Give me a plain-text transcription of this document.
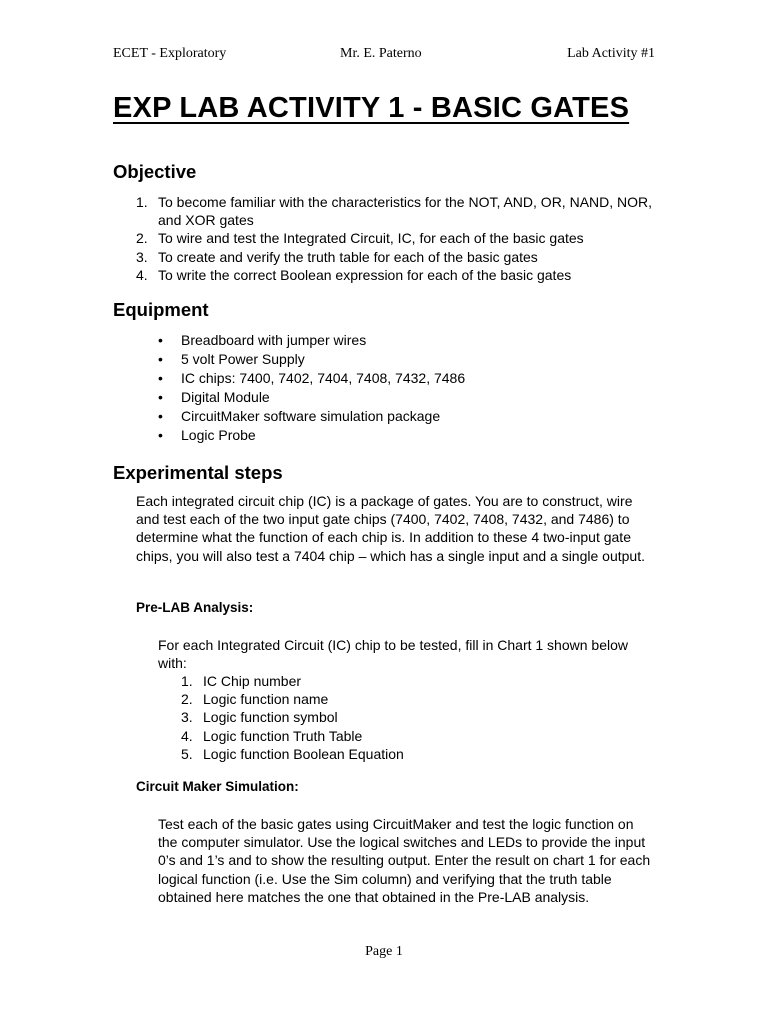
ECET - Exploratory	Mr. E. Paterno	Lab Activity #1
EXP LAB ACTIVITY 1 - BASIC GATES
Objective
1. To become familiar with the characteristics for the NOT, AND, OR, NAND, NOR, and XOR gates
2. To wire and test the Integrated Circuit, IC, for each of the basic gates
3. To create and verify the truth table for each of the basic gates
4. To write the correct Boolean expression for each of the basic gates
Equipment
• Breadboard with jumper wires
• 5 volt Power Supply
• IC chips: 7400, 7402, 7404, 7408, 7432, 7486
• Digital Module
• CircuitMaker software simulation package
• Logic Probe
Experimental steps

Each integrated circuit chip (IC) is a package of gates. You are to construct, wire and test each of the two input gate chips (7400, 7402, 7408, 7432, and 7486) to determine what the function of each chip is. In addition to these 4 two-input gate chips, you will also test a 7404 chip – which has a single input and a single output.

Pre-LAB Analysis:

For each Integrated Circuit (IC) chip to be tested, fill in Chart 1 shown below with:

1. IC Chip number
2. Logic function name
3. Logic function symbol
4. Logic function Truth Table
5. Logic function Boolean Equation
Circuit Maker Simulation:

Test each of the basic gates using CircuitMaker and test the logic function on the computer simulator. Use the logical switches and LEDs to provide the input 0’s and 1’s and to show the resulting output. Enter the result on chart 1 for each logical function (i.e. Use the Sim column) and verifying that the truth table obtained here matches the one that obtained in the Pre-LAB analysis.

Page 1
